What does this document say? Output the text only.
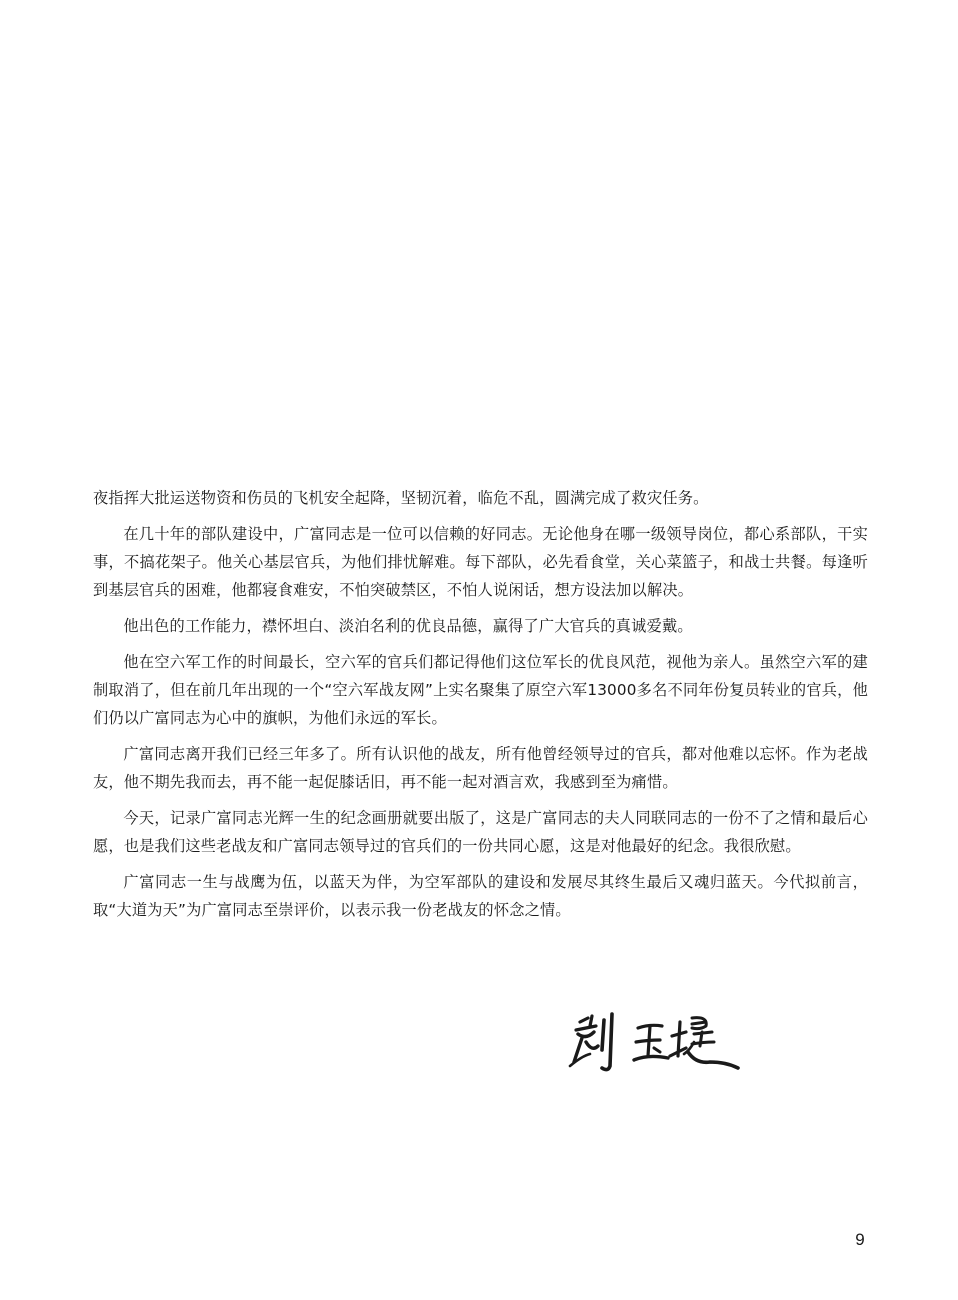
夜指挥大批运送物资和伤员的飞机安全起降，坚韧沉着，临危不乱，圆满完成了救灾任务。

在几十年的部队建设中，广富同志是一位可以信赖的好同志。无论他身在哪一级领导岗位，都心系部队，干实事，不搞花架子。他关心基层官兵，为他们排忧解难。每下部队，必先看食堂，关心菜篮子，和战士共餐。每逢听到基层官兵的困难，他都寝食难安，不怕突破禁区，不怕人说闲话，想方设法加以解决。

他出色的工作能力，襟怀坦白、淡泊名利的优良品德，赢得了广大官兵的真诚爱戴。

他在空六军工作的时间最长，空六军的官兵们都记得他们这位军长的优良风范，视他为亲人。虽然空六军的建制取消了，但在前几年出现的一个“空六军战友网”上实名聚集了原空六军13000多名不同年份复员转业的官兵，他们仍以广富同志为心中的旗帜，为他们永远的军长。

广富同志离开我们已经三年多了。所有认识他的战友，所有他曾经领导过的官兵，都对他难以忘怀。作为老战友，他不期先我而去，再不能一起促膝话旧，再不能一起对酒言欢，我感到至为痛惜。

今天，记录广富同志光辉一生的纪念画册就要出版了，这是广富同志的夫人同联同志的一份不了之情和最后心愿，也是我们这些老战友和广富同志领导过的官兵们的一份共同心愿，这是对他最好的纪念。我很欣慰。

广富同志一生与战鹰为伍，以蓝天为伴，为空军部队的建设和发展尽其终生最后又魂归蓝天。今代拟前言，取“大道为天”为广富同志至崇评价，以表示我一份老战友的怀念之情。

9
